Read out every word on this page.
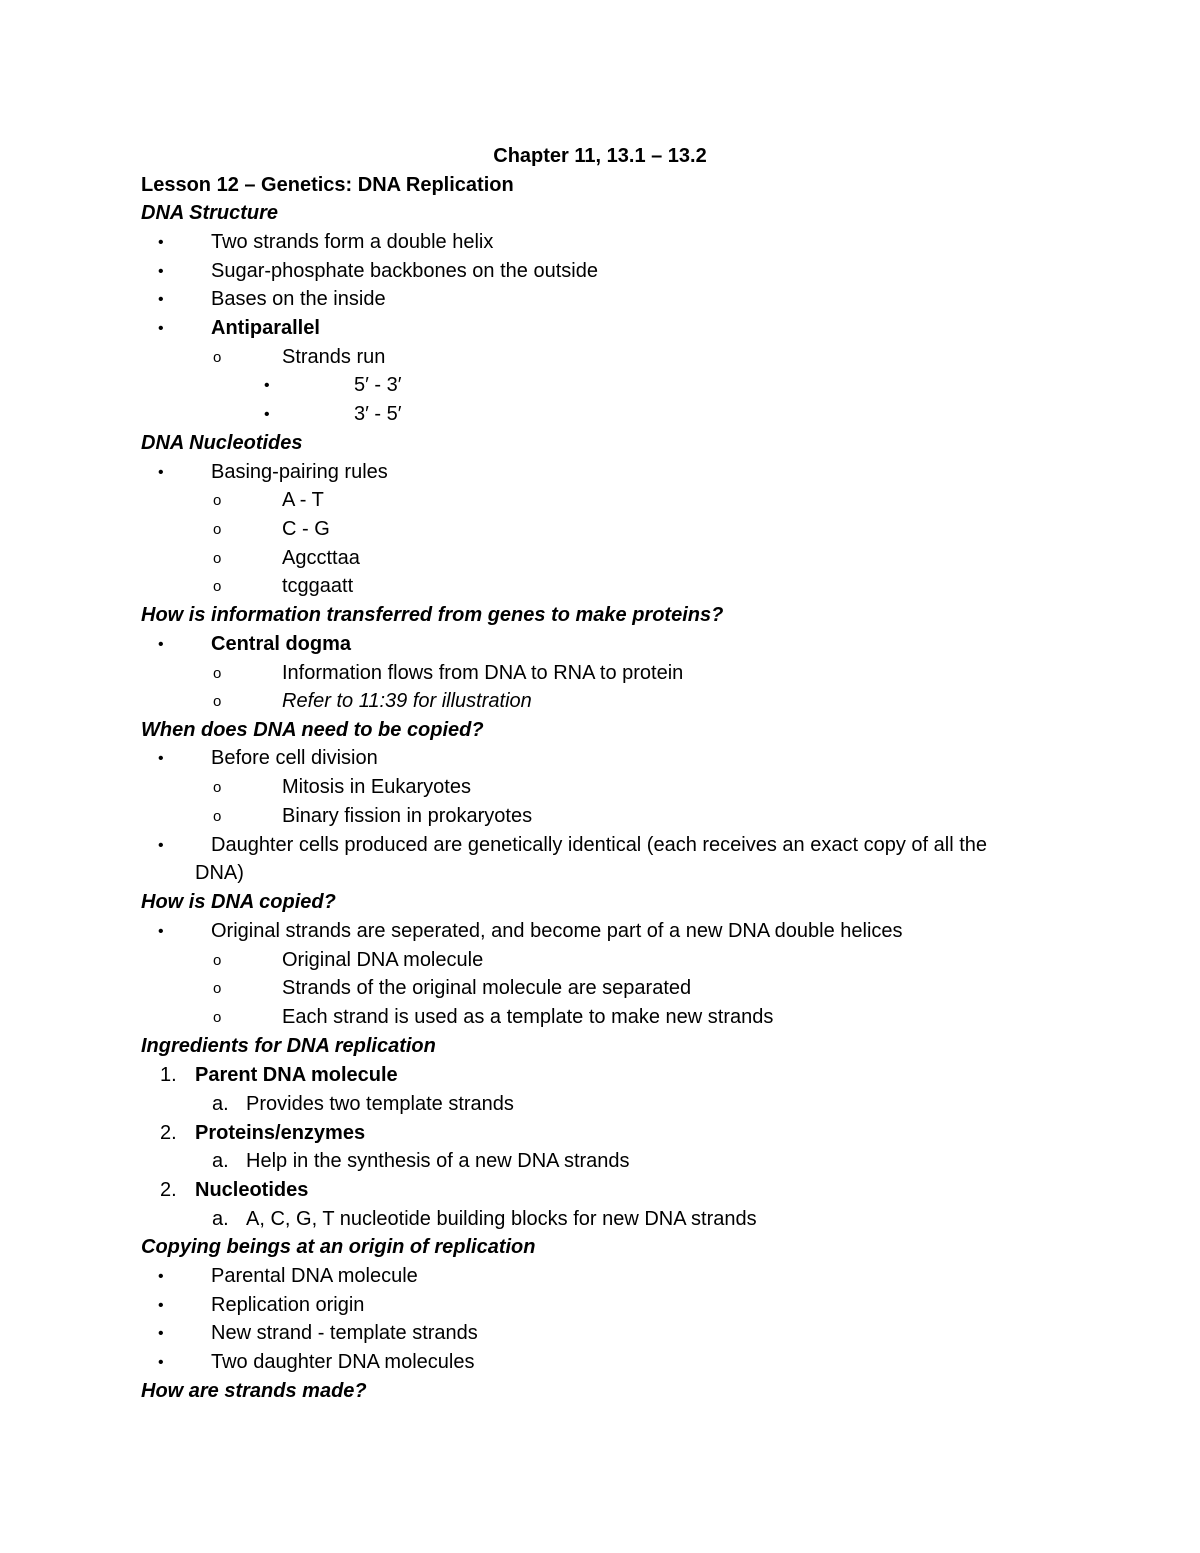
Chapter 11, 13.1 – 13.2
Lesson 12 – Genetics: DNA Replication
DNA Structure
• Two strands form a double helix
• Sugar-phosphate backbones on the outside
• Bases on the inside
• Antiparallel
o	Strands run
•	5′ - 3′
•	3′ - 5′
DNA Nucleotides
• Basing-pairing rules
o	A - T
o	C - G
o	Agccttaa
o	tcggaatt
How is information transferred from genes to make proteins?
• Central dogma
o	Information flows from DNA to RNA to protein
o	Refer to 11:39 for illustration
When does DNA need to be copied?
• Before cell division
o	Mitosis in Eukaryotes
o	Binary fission in prokaryotes
• Daughter cells produced are genetically identical (each receives an exact copy of all the
DNA)
How is DNA copied?
• Original strands are seperated, and become part of a new DNA double helices
o	Original DNA molecule
o	Strands of the original molecule are separated
o	Each strand is used as a template to make new strands
Ingredients for DNA replication
1. Parent DNA molecule
a. Provides two template strands
2. Proteins/enzymes
a. Help in the synthesis of a new DNA strands
2. Nucleotides
a. A, C, G, T nucleotide building blocks for new DNA strands
Copying beings at an origin of replication
• Parental DNA molecule
• Replication origin
• New strand - template strands
• Two daughter DNA molecules
How are strands made?
